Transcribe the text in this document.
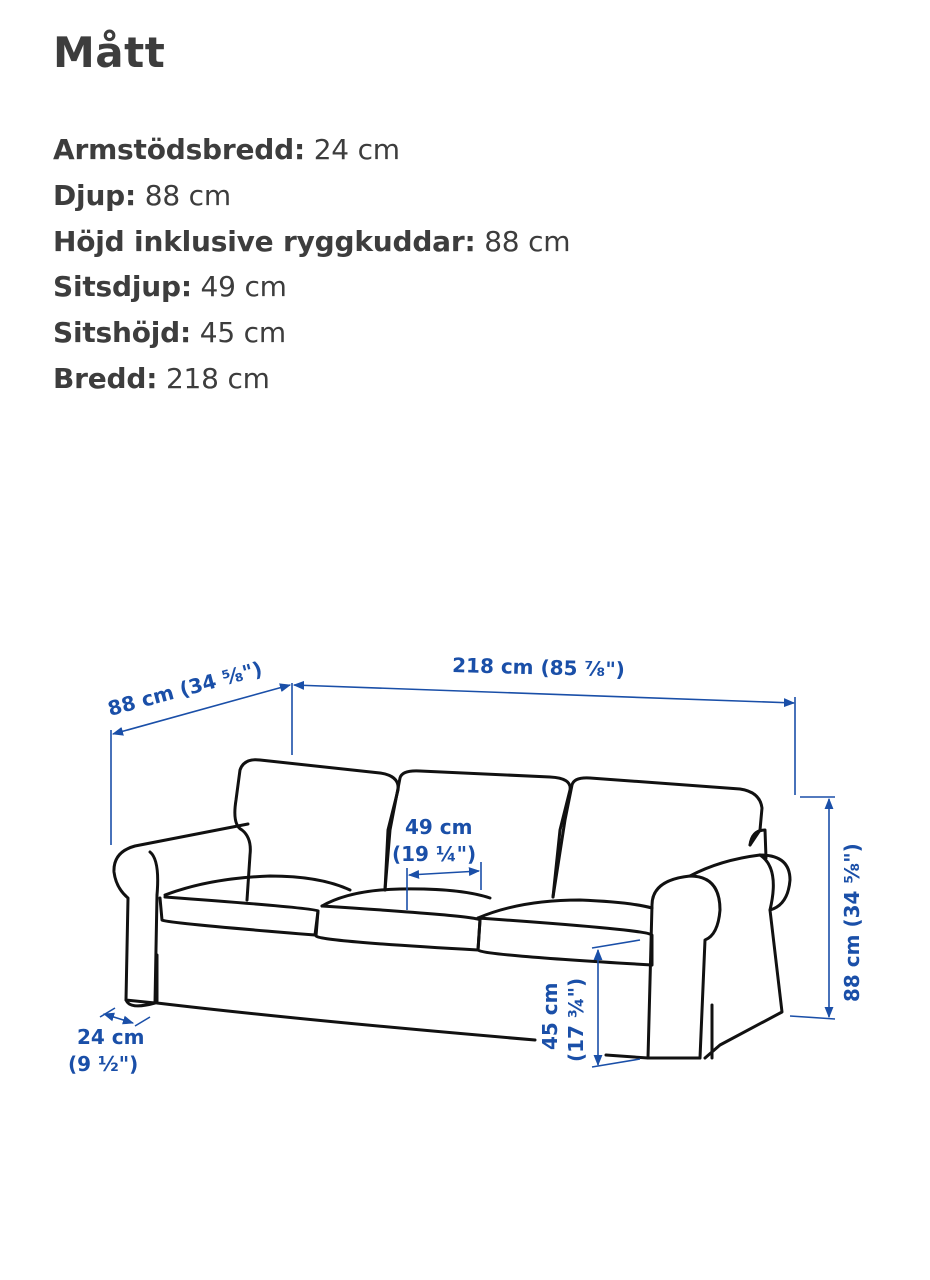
Mått
Armstödsbredd: 24 cm
Djup: 88 cm
Höjd inklusive ryggkuddar: 88 cm
Sitsdjup: 49 cm
Sitshöjd: 45 cm
Bredd: 218 cm
88 cm (34 ⁵⁄₈")	218 cm (85 ⁷⁄₈")
49 cm
(19 ¼")
45 cm (17 ¾")
88 cm (34 ⁵⁄₈")
24 cm
(9 ½")
